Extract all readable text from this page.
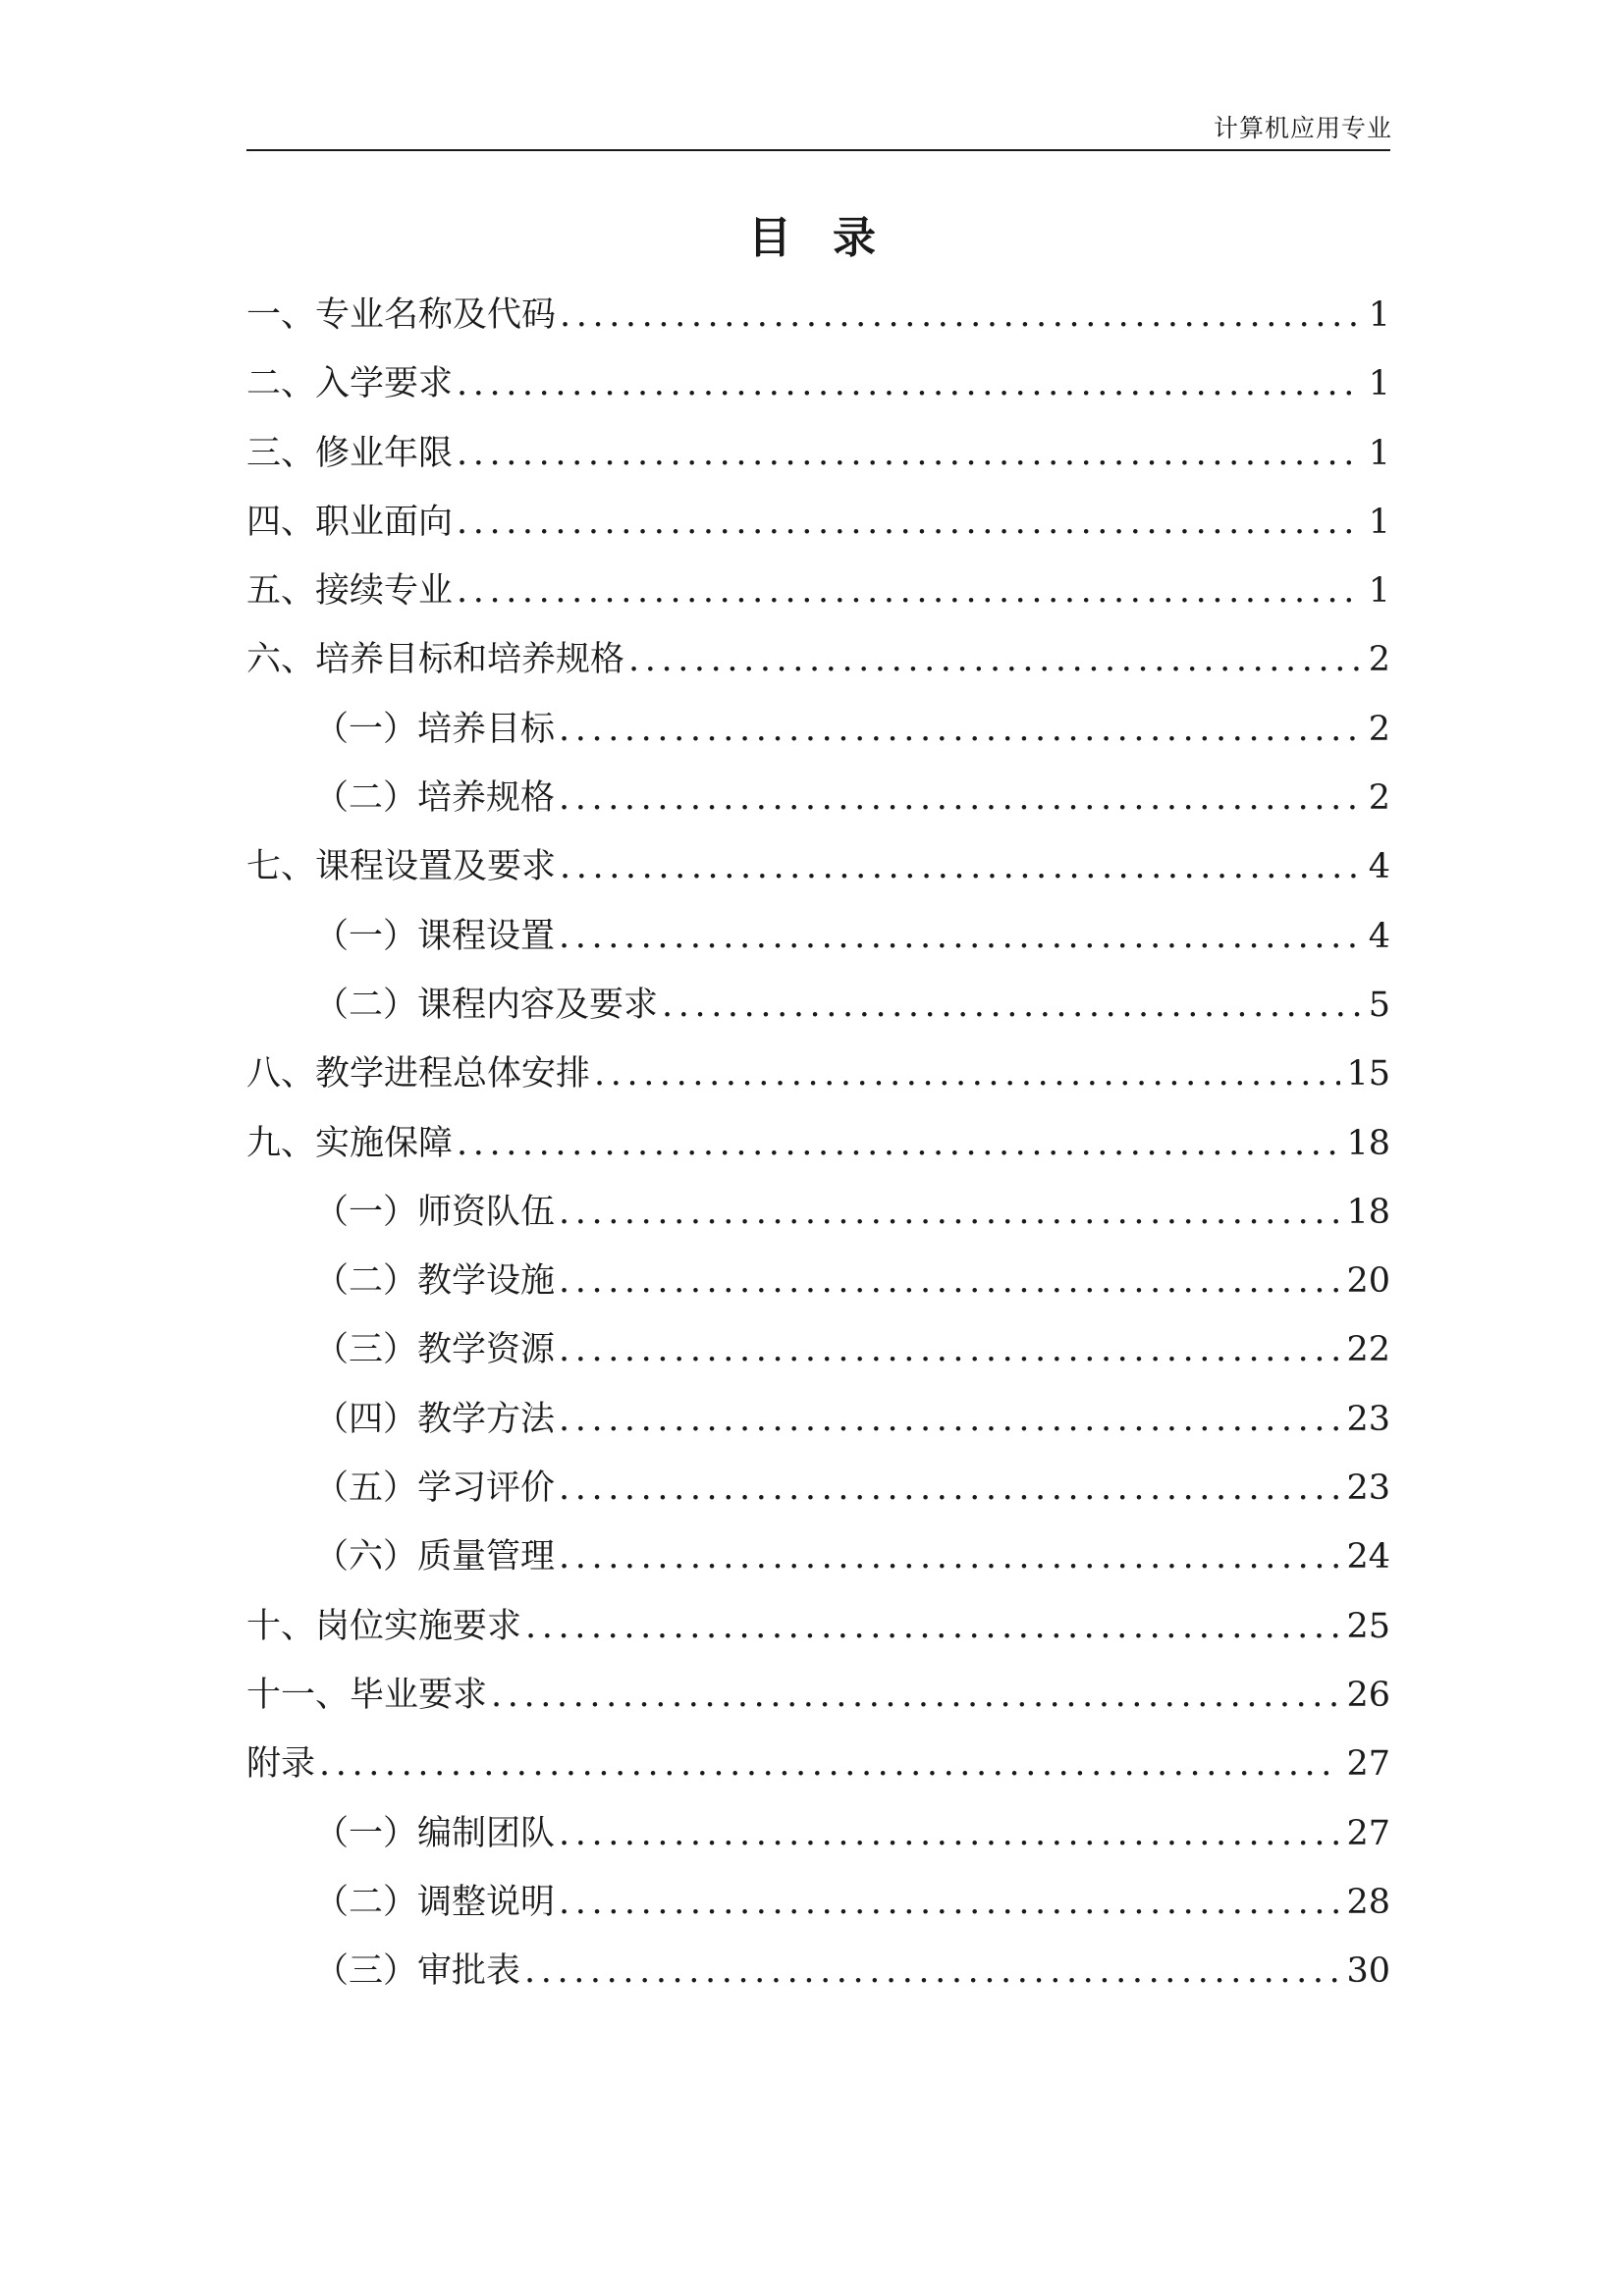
计算机应用专业
目录
一、专业名称及代码 .....	1
二、入学要求 .....	1
三、修业年限 .....	1
四、职业面向 .....	1
五、接续专业 .....	1
六、培养目标和培养规格 .....	2
（一）培养目标 .....	2
（二）培养规格 .....	2
七、课程设置及要求 .....	4
（一）课程设置 .....	4
（二）课程内容及要求 .....	5
八、教学进程总体安排 .....	15
九、实施保障 .....	18
（一）师资队伍 .....	18
（二）教学设施 .....	20
（三）教学资源 .....	22
（四）教学方法 .....	23
（五）学习评价 .....	23
（六）质量管理 .....	24
十、岗位实施要求 .....	25
十一、毕业要求 .....	26
附录 .....	27
（一）编制团队 .....	27
（二）调整说明 .....	28
（三）审批表 .....	30
